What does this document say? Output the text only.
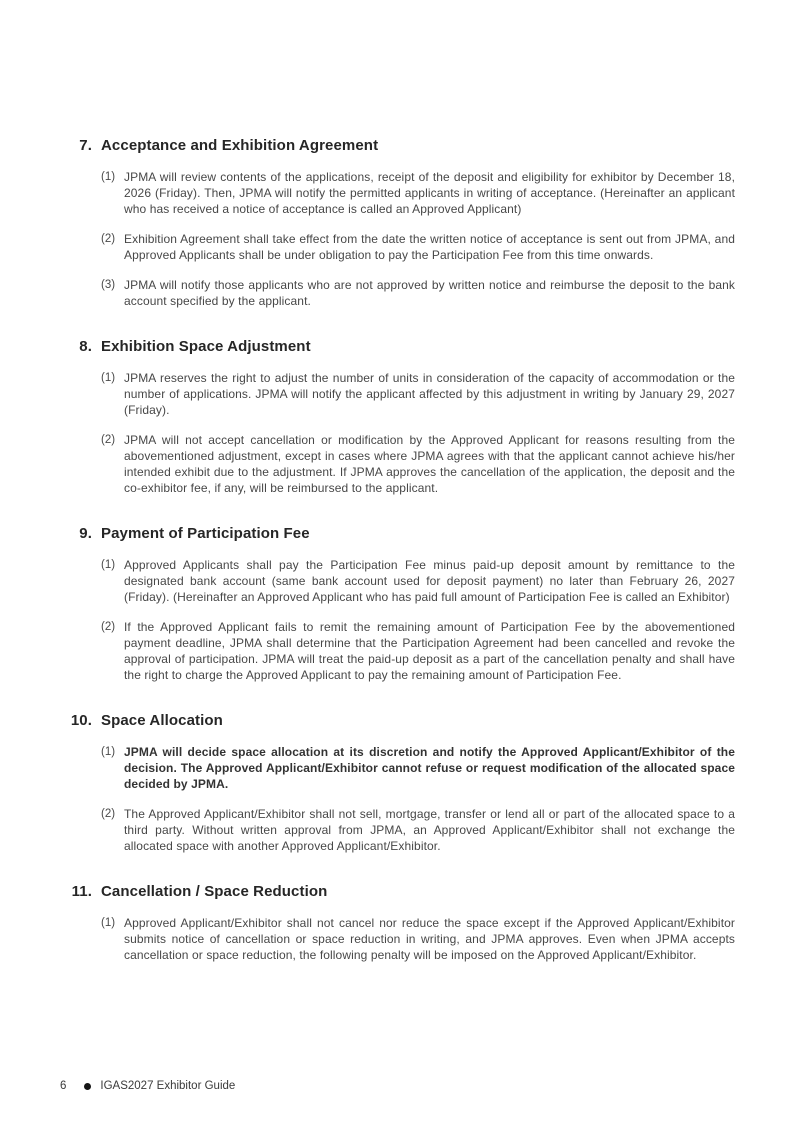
7. Acceptance and Exhibition Agreement
(1) JPMA will review contents of the applications, receipt of the deposit and eligibility for exhibitor by December 18, 2026 (Friday). Then, JPMA will notify the permitted applicants in writing of acceptance. (Hereinafter an applicant who has received a notice of acceptance is called an Approved Applicant)

(2) Exhibition Agreement shall take effect from the date the written notice of acceptance is sent out from JPMA, and Approved Applicants shall be under obligation to pay the Participation Fee from this time onwards.

(3) JPMA will notify those applicants who are not approved by written notice and reimburse the deposit to the bank account specified by the applicant.

8. Exhibition Space Adjustment
(1) JPMA reserves the right to adjust the number of units in consideration of the capacity of accommodation or the number of applications. JPMA will notify the applicant affected by this adjustment in writing by January 29, 2027 (Friday).

(2) JPMA will not accept cancellation or modification by the Approved Applicant for reasons resulting from the abovementioned adjustment, except in cases where JPMA agrees with that the applicant cannot achieve his/her intended exhibit due to the adjustment. If JPMA approves the cancellation of the application, the deposit and the co-exhibitor fee, if any, will be reimbursed to the applicant.

9. Payment of Participation Fee
(1) Approved Applicants shall pay the Participation Fee minus paid-up deposit amount by remittance to the designated bank account (same bank account used for deposit payment) no later than February 26, 2027 (Friday). (Hereinafter an Approved Applicant who has paid full amount of Participation Fee is called an Exhibitor)

(2) If the Approved Applicant fails to remit the remaining amount of Participation Fee by the abovementioned payment deadline, JPMA shall determine that the Participation Agreement had been cancelled and revoke the approval of participation. JPMA will treat the paid-up deposit as a part of the cancellation penalty and shall have the right to charge the Approved Applicant to pay the remaining amount of Participation Fee.

10. Space Allocation
(1) JPMA will decide space allocation at its discretion and notify the Approved Applicant/Exhibitor of the decision. The Approved Applicant/Exhibitor cannot refuse or request modification of the allocated space decided by JPMA.

(2) The Approved Applicant/Exhibitor shall not sell, mortgage, transfer or lend all or part of the allocated space to a third party. Without written approval from JPMA, an Approved Applicant/Exhibitor shall not exchange the allocated space with another Approved Applicant/Exhibitor.

11. Cancellation / Space Reduction
(1) Approved Applicant/Exhibitor shall not cancel nor reduce the space except if the Approved Applicant/Exhibitor submits notice of cancellation or space reduction in writing, and JPMA approves. Even when JPMA accepts cancellation or space reduction, the following penalty will be imposed on the Approved Applicant/Exhibitor.

6	IGAS2027 Exhibitor Guide
